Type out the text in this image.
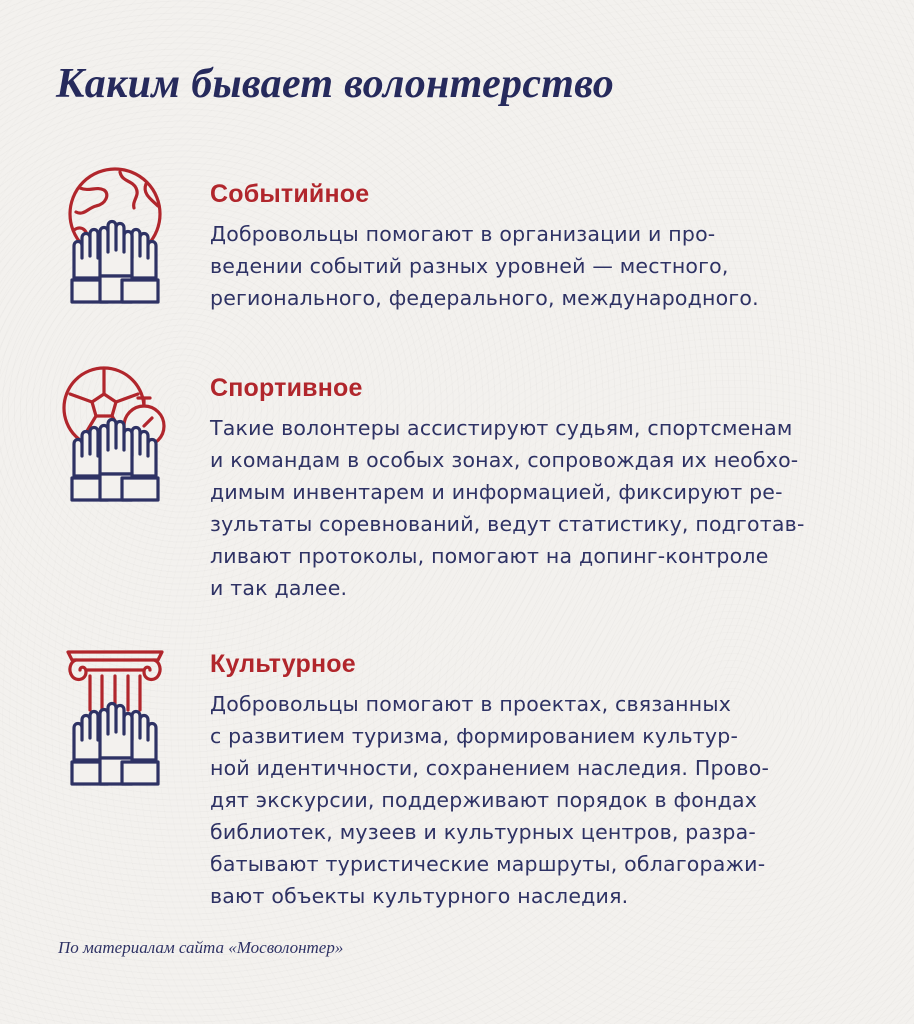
Каким бывает волонтерство
Событийное
Добровольцы помогают в организации и про-
ведении событий разных уровней — местного,
регионального, федерального, международного.
Спортивное
Такие волонтеры ассистируют судьям, спортсменам
и командам в особых зонах, сопровождая их необхо-
димым инвентарем и информацией, фиксируют ре-
зультаты соревнований, ведут статистику, подготав-
ливают протоколы, помогают на допинг-контроле
и так далее.
Культурное
Добровольцы помогают в проектах, связанных
с развитием туризма, формированием культур-
ной идентичности, сохранением наследия. Прово-
дят экскурсии, поддерживают порядок в фондах
библиотек, музеев и культурных центров, разра-
батывают туристические маршруты, облагоражи-
вают объекты культурного наследия.
По материалам сайта «Мосволонтер»
